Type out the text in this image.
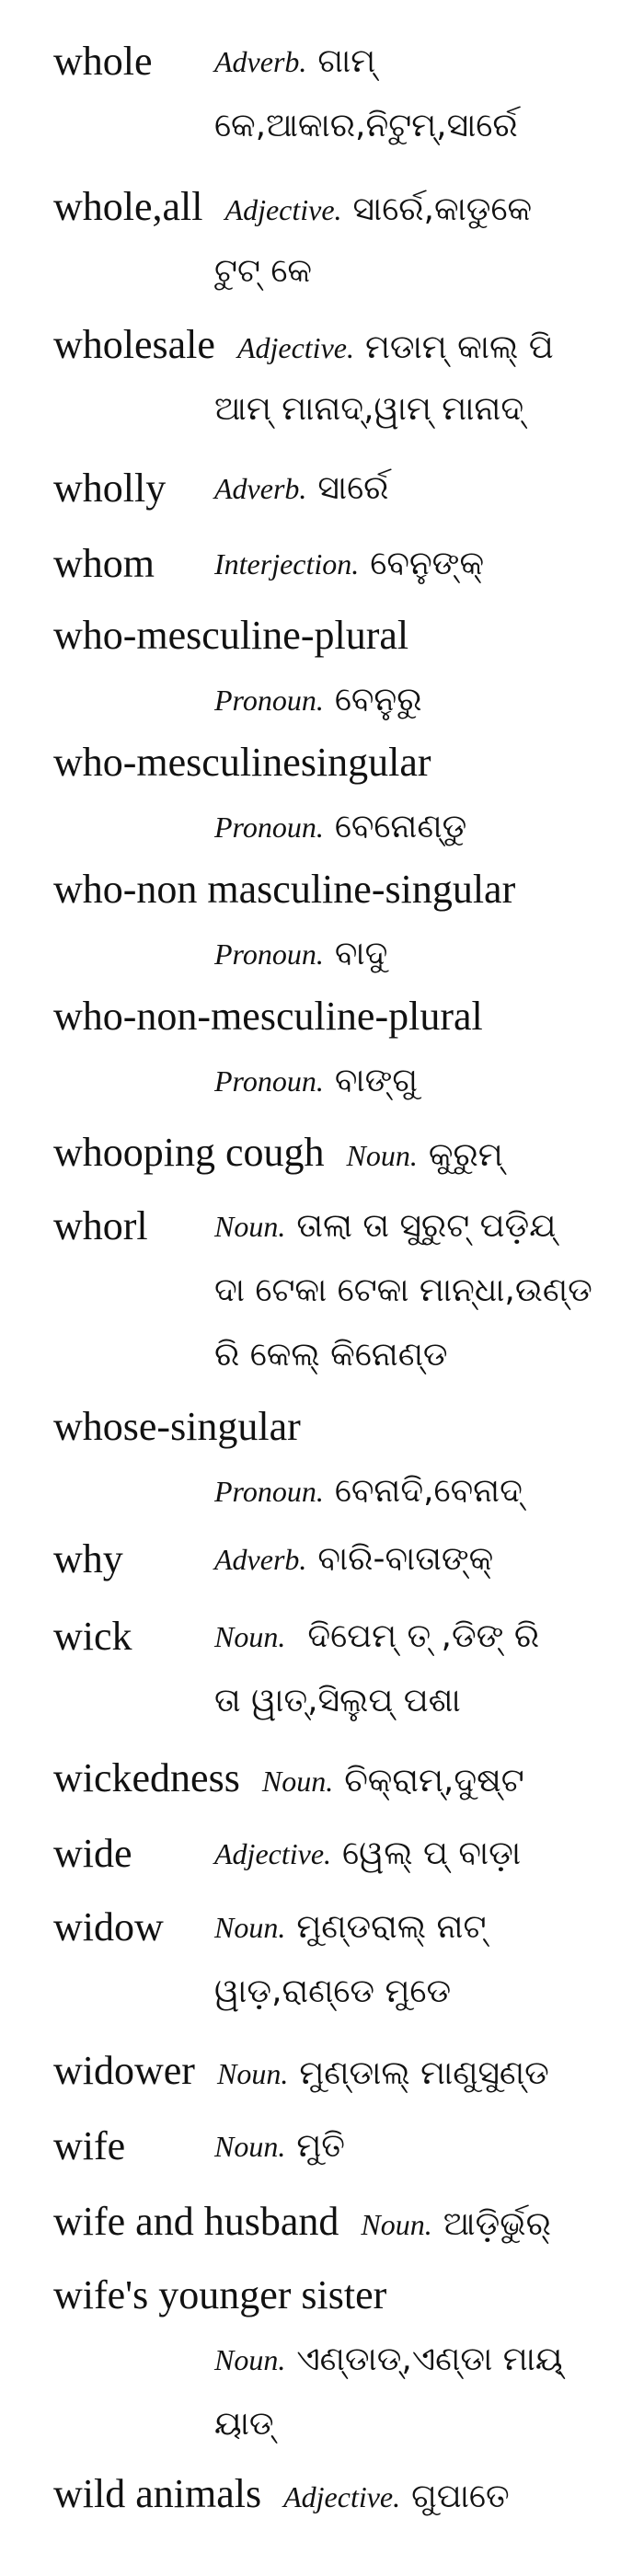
whole Adverb. ଗାମ୍
କେ,ଆକାର,ନିଟୁମ୍,ସାର୍ରେ
whole,all Adjective. ସାର୍ରେ,କାଡୁକେ
ଟୁଟ୍ କେ
wholesale Adjective. ମଡାମ୍ କାଲ୍ ପି
ଆମ୍ ମାନାଦ୍,ୱାମ୍ ମାନାଦ୍
wholly Adverb. ସାର୍ରେ
whom Interjection. ବେନୁଙ୍କ୍
who-mesculine-plural
Pronoun. ବେନୁରୁ
who-mesculinesingular
Pronoun. ବେନୋଣ୍ଡୁ
who-non masculine-singular
Pronoun. ବାଦୁ
who-non-mesculine-plural
Pronoun. ବାଙ୍ଗୁ
whooping cough Noun. କୁରୁମ୍
whorl Noun. ତାଲା ତା ସୁରୁଟ୍ ପଡ଼ିଯ୍
ଦା ଟେକା ଟେକା ମାନ୍ଧା,ଉଣ୍ଡ
ରି କେଲ୍ କିନୋଣ୍ଡ
whose-singular
Pronoun. ବେନାଦି,ବେନାଦ୍
why	Adverb. ବାରି-ବାତାଙ୍କ୍
wick	Noun. ଦିପେମ୍ ତ୍ ,ଡିଙ୍ ରି
ତା ୱାତ୍,ସିଲୁପ୍ ପଶା
wickedness Noun. ଚିକ୍ରାମ୍,ଦୁଷ୍ଟ
wide	Adjective. ୱେଲ୍ ପ୍ ବାଡ଼ା
widow Noun. ମୁଣ୍ଡରାଲ୍ ନାଟ୍
ୱାଡ଼,ରାଣ୍ଡେ ମୁଡେ
widower Noun. ମୁଣ୍ଡାଲ୍ ମାଣୁସୁଣ୍ଡ
wife	Noun. ମୁତି
wife and husband Noun. ଆଡ଼ିର୍ଭୁର୍
wife's younger sister
Noun. ଏଣ୍ଡାଡ୍,ଏଣ୍ଡା ମାୟ୍
ୟାଡ୍
wild animals Adjective. ଗୁପାତେ
